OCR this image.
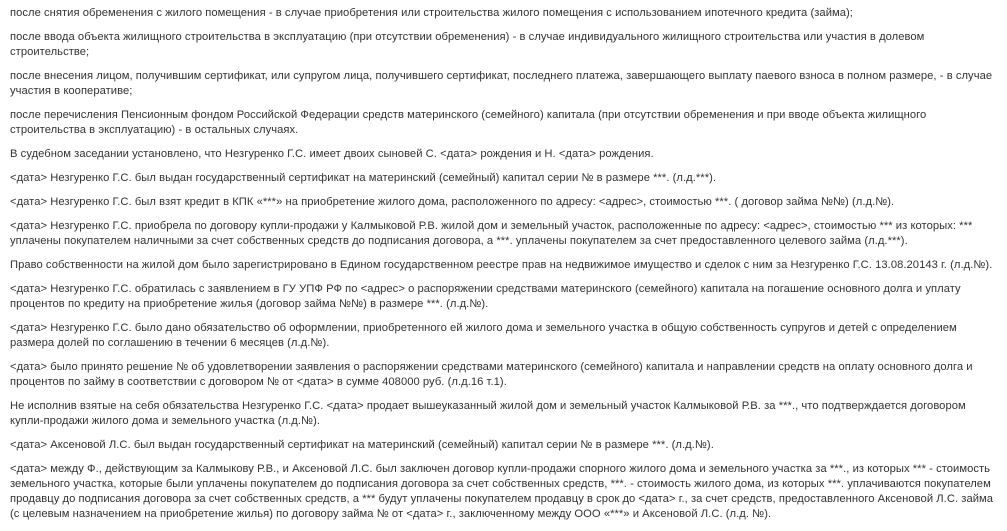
после снятия обременения с жилого помещения - в случае приобретения или строительства жилого помещения с использованием ипотечного кредита (займа);

после ввода объекта жилищного строительства в эксплуатацию (при отсутствии обременения) - в случае индивидуального жилищного строительства или участия в долевом строительстве;

после внесения лицом, получившим сертификат, или супругом лица, получившего сертификат, последнего платежа, завершающего выплату паевого взноса в полном размере, - в случае участия в кооперативе;

после перечисления Пенсионным фондом Российской Федерации средств материнского (семейного) капитала (при отсутствии обременения и при вводе объекта жилищного строительства в эксплуатацию) - в остальных случаях.

В судебном заседании установлено, что Незгуренко Г.С. имеет двоих сыновей С. <дата> рождения и Н. <дата> рождения.

<дата> Незгуренко Г.С. был выдан государственный сертификат на материнский (семейный) капитал серии № в размере ***. (л.д.***).

<дата> Незгуренко Г.С. был взят кредит в КПК «***» на приобретение жилого дома, расположенного по адресу: <адрес>, стоимостью ***. ( договор займа №№) (л.д.№).

<дата> Незгуренко Г.С. приобрела по договору купли-продажи у Калмыковой Р.В. жилой дом и земельный участок, расположенные по адресу: <адрес>, стоимостью *** из которых: *** уплачены покупателем наличными за счет собственных средств до подписания договора, а ***. уплачены покупателем за счет предоставленного целевого займа (л.д.***).

Право собственности на жилой дом было зарегистрировано в Едином государственном реестре прав на недвижимое имущество и сделок с ним за Незгуренко Г.С. 13.08.20143 г. (л.д.№).

<дата> Незгуренко Г.С. обратилась с заявлением в ГУ УПФ РФ по <адрес> о распоряжении средствами материнского (семейного) капитала на погашение основного долга и уплату процентов по кредиту на приобретение жилья (договор займа №№) в размере ***. (л.д.№).

<дата> Незгуренко Г.С. было дано обязательство об оформлении, приобретенного ей жилого дома и земельного участка в общую собственность супругов и детей с определением размера долей по соглашению в течении 6 месяцев (л.д.№).

<дата> было принято решение № об удовлетворении заявления о распоряжении средствами материнского (семейного) капитала и направлении средств на оплату основного долга и процентов по займу в соответствии с договором № от <дата> в сумме 408000 руб. (л.д.16 т.1).

Не исполнив взятые на себя обязательства Незгуренко Г.С. <дата> продает вышеуказанный жилой дом и земельный участок Калмыковой Р.В. за ***., что подтверждается договором купли-продажи жилого дома и земельного участка (л.д.№).

<дата> Аксеновой Л.С. был выдан государственный сертификат на материнский (семейный) капитал серии № в размере ***. (л.д.№).

<дата> между Ф., действующим за Калмыкову Р.В., и Аксеновой Л.С. был заключен договор купли-продажи спорного жилого дома и земельного участка за ***., из которых *** - стоимость земельного участка, которые были уплачены покупателем до подписания договора за счет собственных средств, ***. - стоимость жилого дома, из которых ***. уплачиваются покупателем продавцу до подписания договора за счет собственных средств, а *** будут уплачены покупателем продавцу в срок до <дата> г., за счет средств, предоставленного Аксеновой Л.С. займа (с целевым назначением на приобретение жилья) по договору займа № от <дата> г., заключенному между ООО «***» и Аксеновой Л.С. (л.д. №).
